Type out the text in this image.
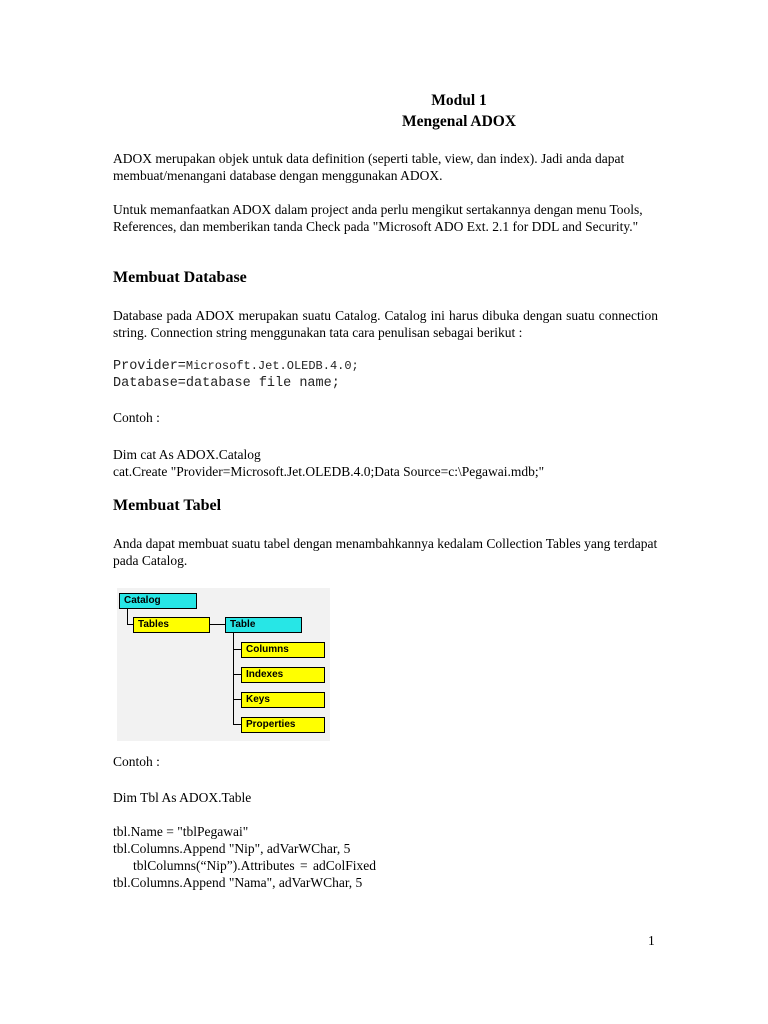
Modul 1
Mengenal ADOX
ADOX merupakan objek untuk data definition (seperti table, view, dan index). Jadi anda dapat membuat/menangani database dengan menggunakan ADOX.
Untuk memanfaatkan ADOX dalam project anda perlu mengikut sertakannya dengan menu Tools, References, dan memberikan tanda Check pada "Microsoft ADO Ext. 2.1 for DDL and Security."
Membuat Database
Database pada ADOX merupakan suatu Catalog. Catalog ini harus dibuka dengan suatu connection string. Connection string menggunakan tata cara penulisan sebagai berikut :
Provider=Microsoft.Jet.OLEDB.4.0;
Database=database file name;
Contoh :
Dim cat As ADOX.Catalog
cat.Create "Provider=Microsoft.Jet.OLEDB.4.0;Data Source=c:\Pegawai.mdb;"
Membuat Tabel
Anda dapat membuat suatu tabel dengan menambahkannya kedalam Collection Tables yang terdapat pada Catalog.
Catalog
Tables	Table
Columns
Indexes
Keys
Properties
Contoh :
Dim Tbl As ADOX.Table
tbl.Name = "tblPegawai"
tbl.Columns.Append "Nip", adVarWChar, 5
tblColumns(“Nip”).Attributes = adColFixed
tbl.Columns.Append "Nama", adVarWChar, 5
1
